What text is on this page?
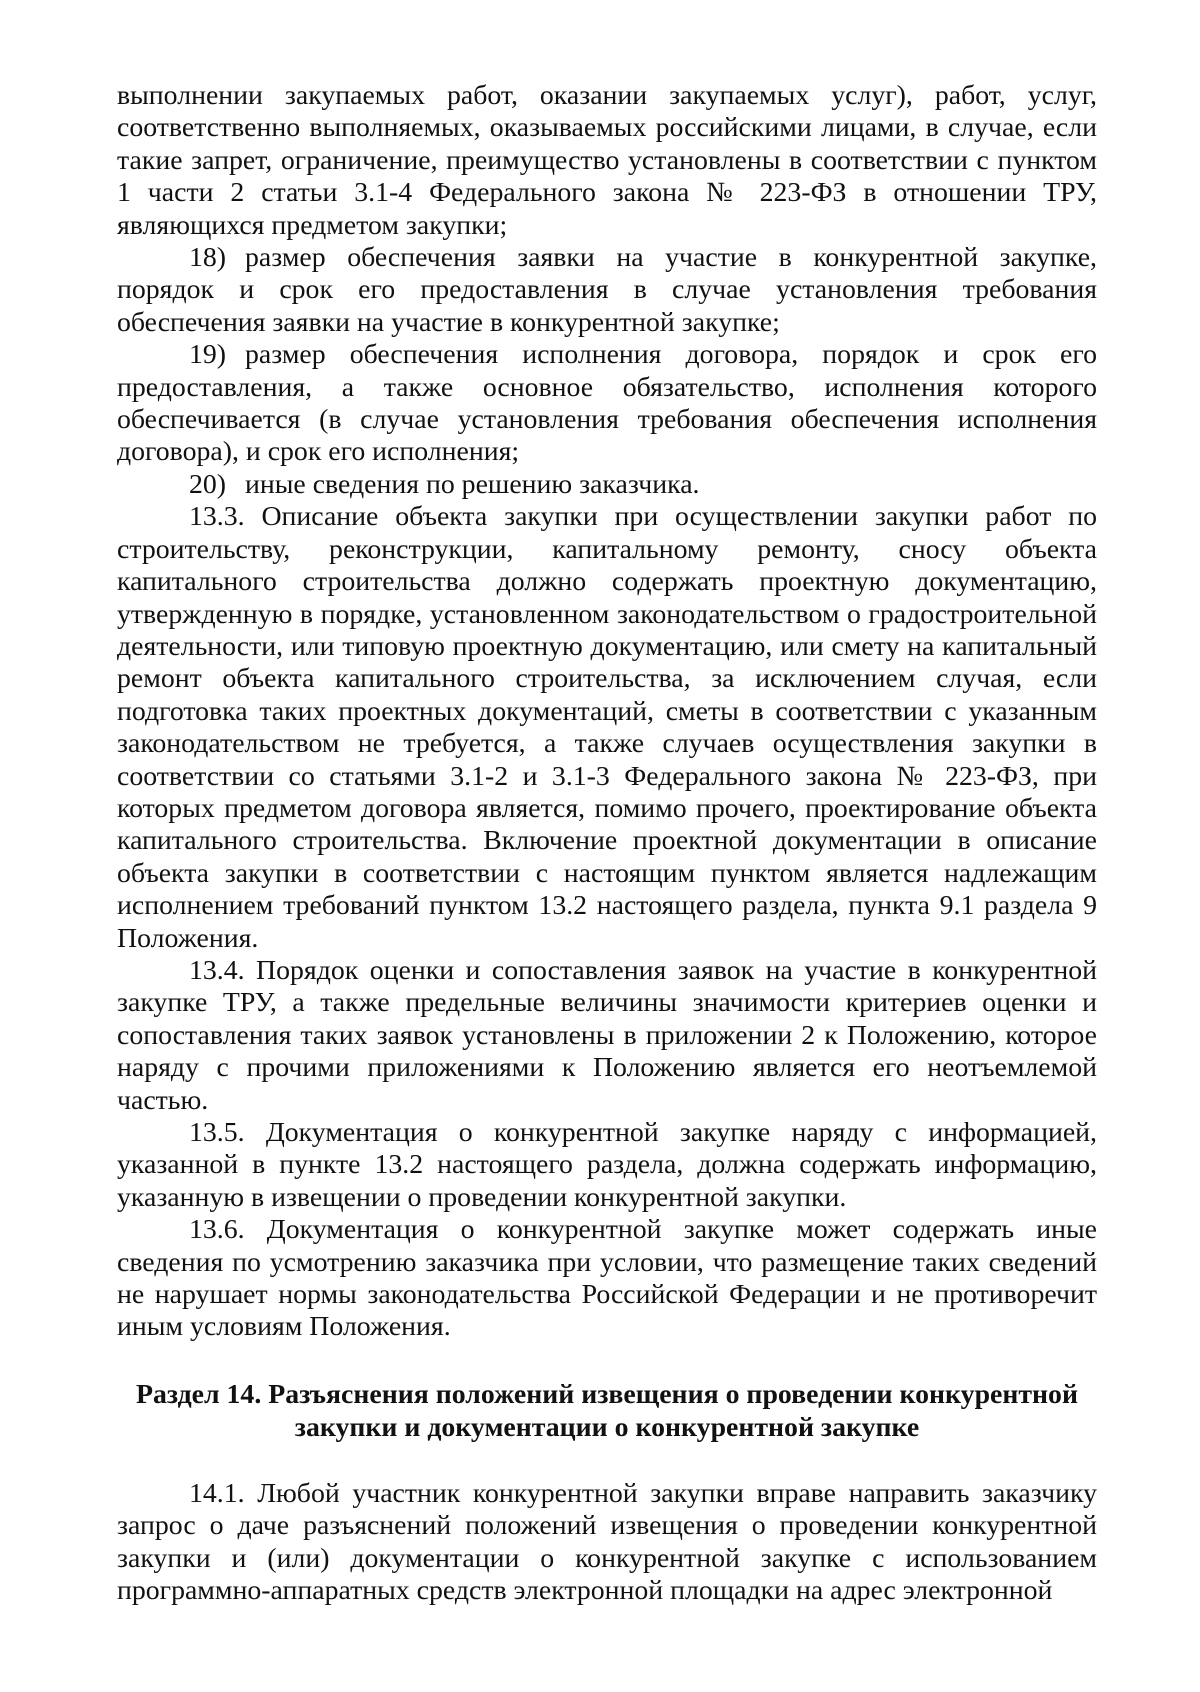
выполнении закупаемых работ, оказании закупаемых услуг), работ, услуг, соответственно выполняемых, оказываемых российскими лицами, в случае, если такие запрет, ограничение, преимущество установлены в соответствии с пунктом 1 части 2 статьи 3.1-4 Федерального закона № 223-ФЗ в отношении ТРУ, являющихся предметом закупки;

18) размер обеспечения заявки на участие в конкурентной закупке, порядок и срок его предоставления в случае установления требования обеспечения заявки на участие в конкурентной закупке;

19) размер обеспечения исполнения договора, порядок и срок его предоставления, а также основное обязательство, исполнения которого обеспечивается (в случае установления требования обеспечения исполнения договора), и срок его исполнения;

20) иные сведения по решению заказчика.

13.3. Описание объекта закупки при осуществлении закупки работ по строительству, реконструкции, капитальному ремонту, сносу объекта капитального строительства должно содержать проектную документацию, утвержденную в порядке, установленном законодательством о градостроительной деятельности, или типовую проектную документацию, или смету на капитальный ремонт объекта капитального строительства, за исключением случая, если подготовка таких проектных документаций, сметы в соответствии с указанным законодательством не требуется, а также случаев осуществления закупки в соответствии со статьями 3.1-2 и 3.1-3 Федерального закона № 223-ФЗ, при которых предметом договора является, помимо прочего, проектирование объекта капитального строительства. Включение проектной документации в описание объекта закупки в соответствии с настоящим пунктом является надлежащим исполнением требований пунктом 13.2 настоящего раздела, пункта 9.1 раздела 9 Положения.

13.4. Порядок оценки и сопоставления заявок на участие в конкурентной закупке ТРУ, а также предельные величины значимости критериев оценки и сопоставления таких заявок установлены в приложении 2 к Положению, которое наряду с прочими приложениями к Положению является его неотъемлемой частью.

13.5. Документация о конкурентной закупке наряду с информацией, указанной в пункте 13.2 настоящего раздела, должна содержать информацию, указанную в извещении о проведении конкурентной закупки.

13.6. Документация о конкурентной закупке может содержать иные сведения по усмотрению заказчика при условии, что размещение таких сведений не нарушает нормы законодательства Российской Федерации и не противоречит иным условиям Положения.

Раздел 14. Разъяснения положений извещения о проведении конкурентной
закупки и документации о конкурентной закупке

14.1. Любой участник конкурентной закупки вправе направить заказчику запрос о даче разъяснений положений извещения о проведении конкурентной закупки и (или) документации о конкурентной закупке с использованием программно-аппаратных средств электронной площадки на адрес электронной
